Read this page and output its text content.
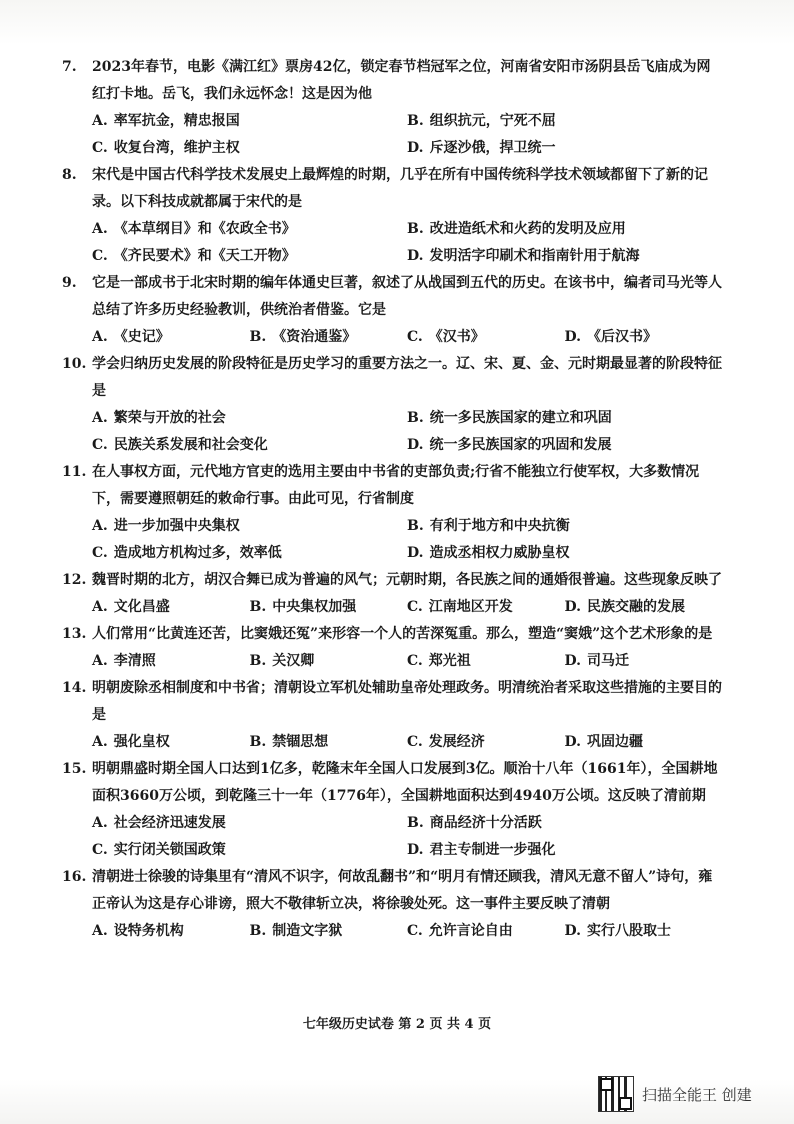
7.	2023年春节，电影《满江红》票房42亿，锁定春节档冠军之位，河南省安阳市汤阴县岳飞庙成为网红打卡地。岳飞，我们永远怀念！这是因为他
A. 率军抗金，精忠报国	B. 组织抗元，宁死不屈
C. 收复台湾，维护主权	D. 斥逐沙俄，捍卫统一
8.	宋代是中国古代科学技术发展史上最辉煌的时期，几乎在所有中国传统科学技术领域都留下了新的记录。以下科技成就都属于宋代的是
A. 《本草纲目》和《农政全书》	B. 改进造纸术和火药的发明及应用
C. 《齐民要术》和《天工开物》	D. 发明活字印刷术和指南针用于航海
9.	它是一部成书于北宋时期的编年体通史巨著，叙述了从战国到五代的历史。在该书中，编者司马光等人总结了许多历史经验教训，供统治者借鉴。它是
A. 《史记》	B. 《资治通鉴》	C. 《汉书》	D. 《后汉书》
10. 学会归纳历史发展的阶段特征是历史学习的重要方法之一。辽、宋、夏、金、元时期最显著的阶段特征是
A. 繁荣与开放的社会	B. 统一多民族国家的建立和巩固
C. 民族关系发展和社会变化	D. 统一多民族国家的巩固和发展
11. 在人事权方面，元代地方官吏的选用主要由中书省的吏部负责;行省不能独立行使军权，大多数情况下，需要遵照朝廷的敕命行事。由此可见，行省制度
A. 进一步加强中央集权	B. 有利于地方和中央抗衡
C. 造成地方机构过多，效率低	D. 造成丞相权力威胁皇权
12. 魏晋时期的北方，胡汉合舞已成为普遍的风气；元朝时期，各民族之间的通婚很普遍。这些现象反映了
A. 文化昌盛	B. 中央集权加强	C. 江南地区开发	D. 民族交融的发展
13. 人们常用“比黄连还苦，比窦娥还冤”来形容一个人的苦深冤重。那么，塑造“窦娥”这个艺术形象的是
A. 李清照	B. 关汉卿	C. 郑光祖	D. 司马迁
14. 明朝废除丞相制度和中书省；清朝设立军机处辅助皇帝处理政务。明清统治者采取这些措施的主要目的是
A. 强化皇权	B. 禁锢思想	C. 发展经济	D. 巩固边疆
15. 明朝鼎盛时期全国人口达到1亿多，乾隆末年全国人口发展到3亿。顺治十八年（1661年），全国耕地面积3660万公顷，到乾隆三十一年（1776年），全国耕地面积达到4940万公顷。这反映了清前期
A. 社会经济迅速发展	B. 商品经济十分活跃
C. 实行闭关锁国政策	D. 君主专制进一步强化
16. 清朝进士徐骏的诗集里有“清风不识字，何故乱翻书”和“明月有情还顾我，清风无意不留人”诗句，雍正帝认为这是存心诽谤，照大不敬律斩立决，将徐骏处死。这一事件主要反映了清朝
A. 设特务机构	B. 制造文字狱	C. 允许言论自由	D. 实行八股取士
七年级历史试卷 第 2 页 共 4 页
扫描全能王 创建
